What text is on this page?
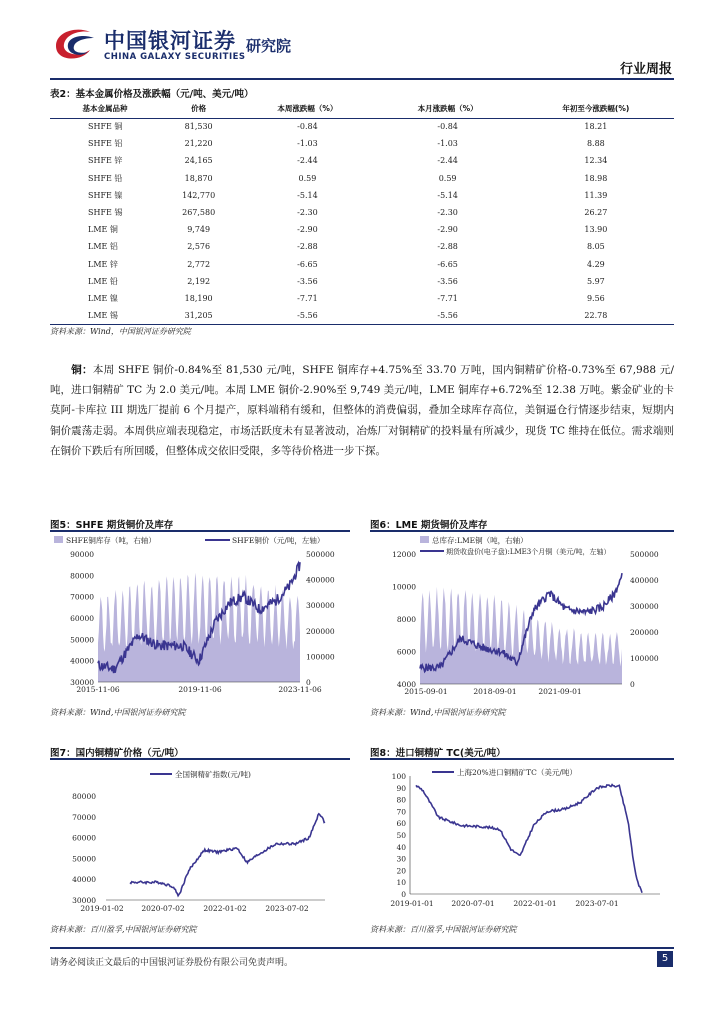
中国银河证券
CHINA GALAXY SECURITIES
研究院
行业周报
表2：基本金属价格及涨跌幅（元/吨、美元/吨）
基本金属品种	价格	本周涨跌幅（%）	本月涨跌幅（%）	年初至今涨跌幅(%)
SHFE 铜	81,530	-0.84	-0.84	18.21
SHFE 铝	21,220	-1.03	-1.03	8.88
SHFE 锌	24,165	-2.44	-2.44	12.34
SHFE 铅	18,870	0.59	0.59	18.98
SHFE 镍	142,770	-5.14	-5.14	11.39
SHFE 锡	267,580	-2.30	-2.30	26.27
LME 铜	9,749	-2.90	-2.90	13.90
LME 铝	2,576	-2.88	-2.88	8.05
LME 锌	2,772	-6.65	-6.65	4.29
LME 铅	2,192	-3.56	-3.56	5.97
LME 镍	18,190	-7.71	-7.71	9.56
LME 锡	31,205	-5.56	-5.56	22.78
资料来源：Wind，中国银河证券研究院
铜：本周 SHFE 铜价-0.84%至 81,530 元/吨，SHFE 铜库存+4.75%至 33.70 万吨，国内铜精矿价格-0.73%至 67,988 元/吨，进口铜精矿 TC 为 2.0 美元/吨。本周 LME 铜价-2.90%至 9,749 美元/吨，LME 铜库存+6.72%至 12.38 万吨。紫金矿业的卡莫阿-卡库拉 III 期选厂提前 6 个月提产，原料端稍有缓和，但整体的消费偏弱，叠加全球库存高位，美铜逼仓行情逐步结束，短期内铜价震荡走弱。本周供应端表现稳定，市场活跃度未有显著波动，冶炼厂对铜精矿的投料量有所减少，现货 TC 维持在低位。需求端则在铜价下跌后有所回暖，但整体成交依旧受限，多等待价格进一步下探。
图5：SHFE 期货铜价及库存
SHFE铜库存（吨，右轴）	SHFE铜价（元/吨，左轴）
90000
80000
70000
60000
50000
40000
30000
500000
400000
300000
200000
100000
0
2015-11-06	2019-11-06	2023-11-06
资料来源：Wind,中国银河证券研究院
图6：LME 期货铜价及库存
总库存:LME铜（吨，右轴）
期货收盘价(电子盘):LME3个月铜（美元/吨，左轴）
12000
10000
8000
6000
4000
500000
400000
300000
200000
100000
0
2015-09-01	2018-09-01	2021-09-01
资料来源：Wind,中国银河证券研究院
图7：国内铜精矿价格（元/吨）
全国铜精矿指数(元/吨)
80000
70000
60000
50000
40000
30000
2019-01-02 2020-07-02	2022-01-02	2023-07-02
资料来源：百川盈孚,中国银河证券研究院
图8：进口铜精矿 TC(美元/吨）
上海20%进口铜精矿TC（美元/吨）
100
90
80
70
60
50
40
30
20
10
0
2019-01-01 2020-07-01	2022-01-01	2023-07-01
资料来源：百川盈孚,中国银河证券研究院
请务必阅读正文最后的中国银河证券股份有限公司免责声明。	5
